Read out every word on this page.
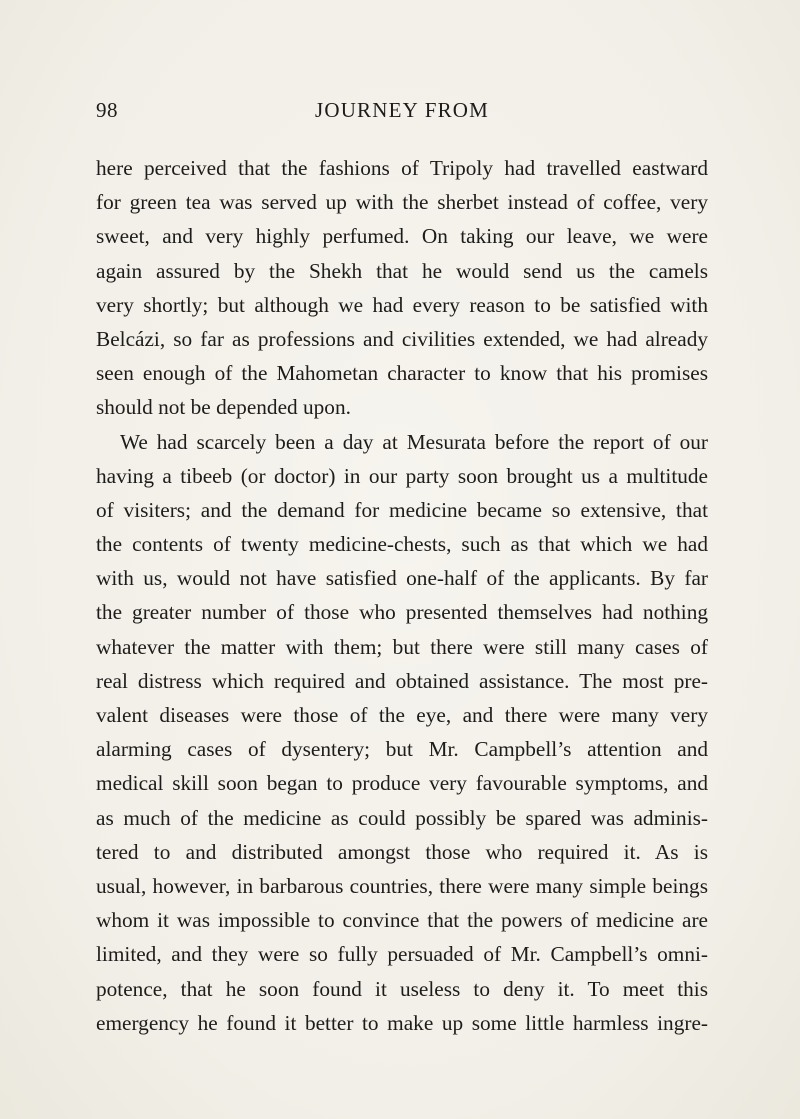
98	JOURNEY FROM
here perceived that the fashions of Tripoly had travelled eastward
for green tea was served up with the sherbet instead of coffee, very
sweet, and very highly perfumed. On taking our leave, we were
again assured by the Shekh that he would send us the camels
very shortly; but although we had every reason to be satisfied with
Belcázi, so far as professions and civilities extended, we had already
seen enough of the Mahometan character to know that his promises
should not be depended upon.
We had scarcely been a day at Mesurata before the report of our
having a tibeeb (or doctor) in our party soon brought us a multitude
of visiters; and the demand for medicine became so extensive, that
the contents of twenty medicine-chests, such as that which we had
with us, would not have satisfied one-half of the applicants. By far
the greater number of those who presented themselves had nothing
whatever the matter with them; but there were still many cases of
real distress which required and obtained assistance. The most pre-
valent diseases were those of the eye, and there were many very
alarming cases of dysentery; but Mr. Campbell’s attention and
medical skill soon began to produce very favourable symptoms, and
as much of the medicine as could possibly be spared was adminis-
tered to and distributed amongst those who required it. As is
usual, however, in barbarous countries, there were many simple beings
whom it was impossible to convince that the powers of medicine are
limited, and they were so fully persuaded of Mr. Campbell’s omni-
potence, that he soon found it useless to deny it. To meet this
emergency he found it better to make up some little harmless ingre-
